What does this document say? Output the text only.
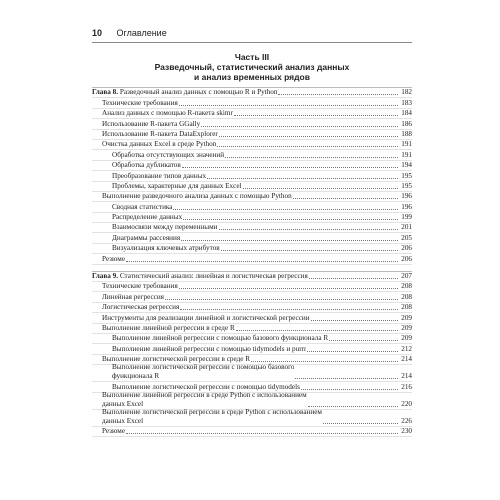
10 Оглавление
Часть III
Разведочный, статистический анализ данных
и анализ временных рядов
Глава 8. Разведочный анализ данных с помощью R и Python	182
Технические требования	183
Анализ данных с помощью R-пакета skimr	184
Использование R-пакета GGally	186
Использование R-пакета DataExplorer	188
Очистка данных Excel в среде Python	191
Обработка отсутствующих значений	191
Обработка дубликатов	194
Преобразование типов данных	195
Проблемы, характерные для данных Excel	195
Выполнение разведочного анализа данных с помощью Python	196
Сводная статистика	196
Распределение данных	199
Взаимосвязи между переменными	201
Диаграммы рассеяния	205
Визуализация ключевых атрибутов	206
Резюме	206
Глава 9. Статистический анализ: линейная и логистическая регрессия	207
Технические требования	208
Линейная регрессия	208
Логистическая регрессия	208
Инструменты для реализации линейной и логистической регрессии	209
Выполнение линейной регрессии в среде R	209
Выполнение линейной регрессии с помощью базового функционала R	209
Выполнение линейной регрессии с помощью tidymodels и purrr	212
Выполнение логистической регрессии в среде R	214
Выполнение логистической регрессии с помощью базового
функционала R	214
Выполнение логистической регрессии с помощью tidymodels	216
Выполнение линейной регрессии в среде Python с использованием
данных Excel	220
Выполнение логистической регрессии в среде Python с использованием
данных Excel	226
Резюме	230
